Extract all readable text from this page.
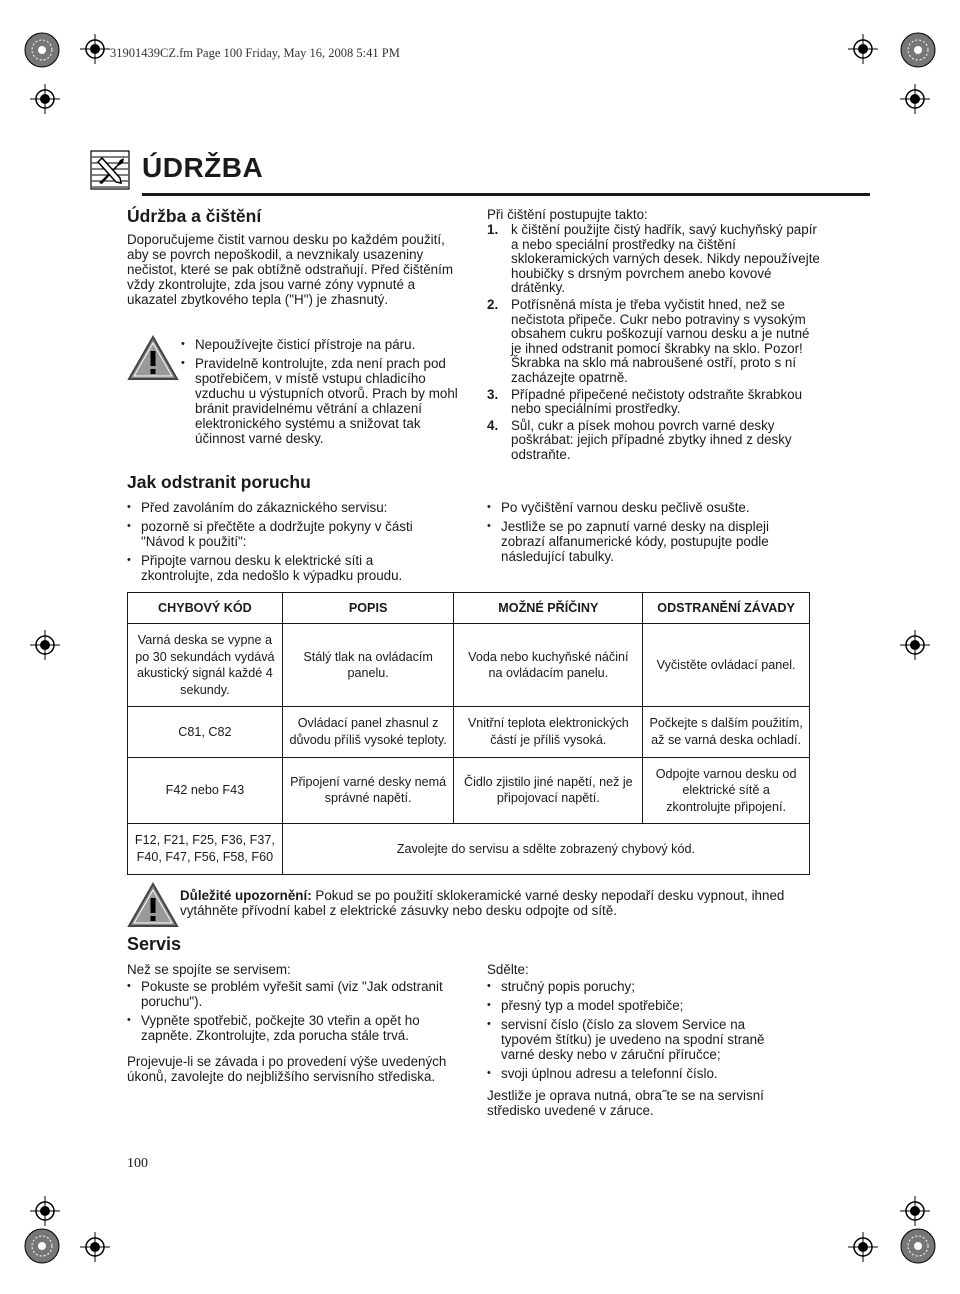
31901439CZ.fm Page 100 Friday, May 16, 2008 5:41 PM
ÚDRŽBA
Údržba a čištění

Doporučujeme čistit varnou desku po každém použití, aby se povrch nepoškodil, a nevznikaly usazeniny nečistot, které se pak obtížně odstraňují. Před čištěním vždy zkontrolujte, zda jsou varné zóny vypnuté a ukazatel zbytkového tepla ("H") je zhasnutý.

• Nepoužívejte čisticí přístroje na páru.
• Pravidelně kontrolujte, zda není prach pod spotřebičem, v místě vstupu chladicího vzduchu u výstupních otvorů. Prach by mohl bránit pravidelnému větrání a chlazení elektronického systému a snižovat tak účinnost varné desky.

Při čištění postupujte takto:

1. k čištění použijte čistý hadřík, savý kuchyňský papír a nebo speciální prostředky na čištění sklokeramických varných desek. Nikdy nepoužívejte houbičky s drsným povrchem anebo kovové drátěnky.
2. Potřísněná místa je třeba vyčistit hned, než se nečistota připeče. Cukr nebo potraviny s vysokým obsahem cukru poškozují varnou desku a je nutné je ihned odstranit pomocí škrabky na sklo. Pozor! Škrabka na sklo má nabroušené ostří, proto s ní zacházejte opatrně.
3. Případné připečené nečistoty odstraňte škrabkou nebo speciálními prostředky.
4. Sůl, cukr a písek mohou povrch varné desky poškrábat: jejich případné zbytky ihned z desky odstraňte.
Jak odstranit poruchu
• Před zavoláním do zákaznického servisu:
• pozorně si přečtěte a dodržujte pokyny v části "Návod k použití":
• Připojte varnou desku k elektrické síti a zkontrolujte, zda nedošlo k výpadku proudu.
• Po vyčištění varnou desku pečlivě osušte.
• Jestliže se po zapnutí varné desky na displeji zobrazí alfanumerické kódy, postupujte podle následující tabulky.
CHYBOVÝ KÓD	POPIS	MOŽNÉ PŘÍČINY	ODSTRANĚNÍ ZÁVADY
Varná deska se vypne a po 30 sekundách vydává akustický signál každé 4 sekundy.	Stálý tlak na ovládacím panelu.	Voda nebo kuchyňské náčiní na ovládacím panelu.	Vyčistěte ovládací panel.
C81, C82	Ovládací panel zhasnul z důvodu příliš vysoké teploty.	Vnitřní teplota elektronických částí je příliš vysoká.	Počkejte s dalším použitím, až se varná deska ochladí.
F42 nebo F43	Připojení varné desky nemá správné napětí.	Čidlo zjistilo jiné napětí, než je připojovací napětí.	Odpojte varnou desku od elektrické sítě a zkontrolujte připojení.
F12, F21, F25, F36, F37, F40, F47, F56, F58, F60	Zavolejte do servisu a sdělte zobrazený chybový kód.		

Důležité upozornění: Pokud se po použití sklokeramické varné desky nepodaří desku vypnout, ihned vytáhněte přívodní kabel z elektrické zásuvky nebo desku odpojte od sítě.

Servis

Než se spojíte se servisem:

• Pokuste se problém vyřešit sami (viz "Jak odstranit poruchu").
• Vypněte spotřebič, počkejte 30 vteřin a opět ho zapněte. Zkontrolujte, zda porucha stále trvá.

Projevuje-li se závada i po provedení výše uvedených úkonů, zavolejte do nejbližšího servisního střediska.

Sdělte:

• stručný popis poruchy;
• přesný typ a model spotřebiče;
• servisní číslo (číslo za slovem Service na typovém štítku) je uvedeno na spodní straně varné desky nebo v záruční příručce;
• svoji úplnou adresu a telefonní číslo.

Jestliže je oprava nutná, obra˝te se na servisní středisko uvedené v záruce.

100
